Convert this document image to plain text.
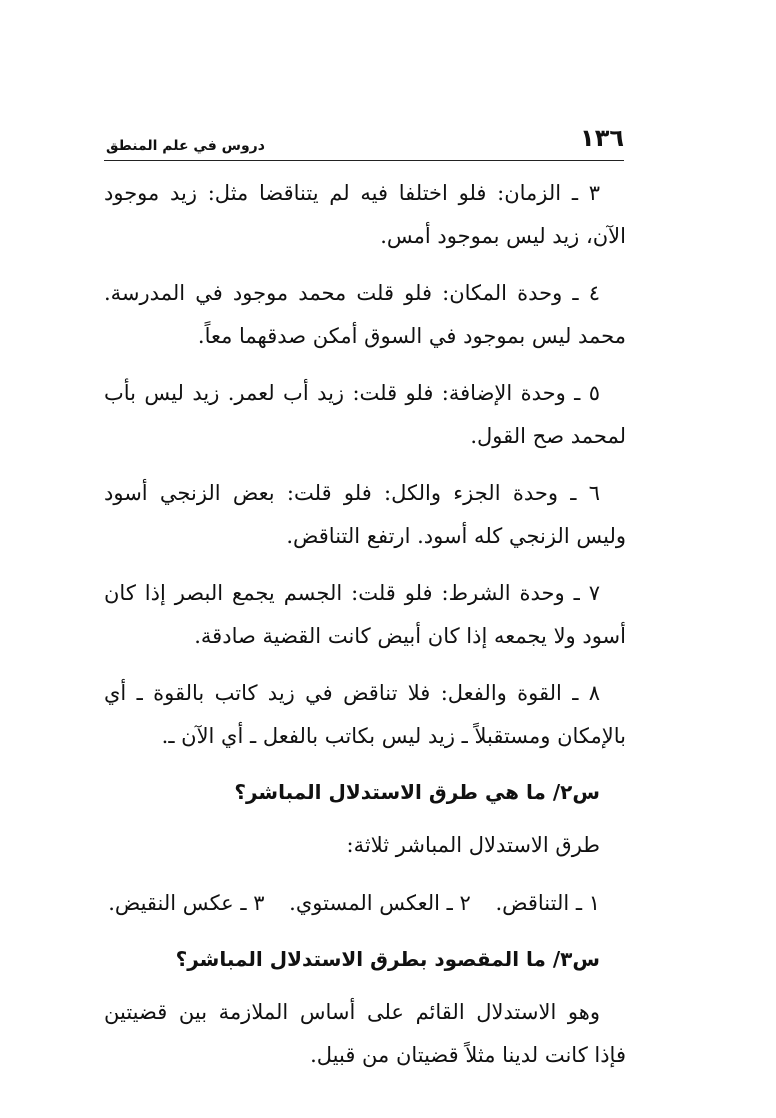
دروس في علم المنطق	١٣٦

٣ ـ الزمان: فلو اختلفا فيه لم يتناقضا مثل: زيد موجود الآن، زيد ليس بموجود أمس.

٤ ـ وحدة المكان: فلو قلت محمد موجود في المدرسة. محمد ليس بموجود في السوق أمكن صدقهما معاً.

٥ ـ وحدة الإضافة: فلو قلت: زيد أب لعمر. زيد ليس بأب لمحمد صح القول.

٦ ـ وحدة الجزء والكل: فلو قلت: بعض الزنجي أسود وليس الزنجي كله أسود. ارتفع التناقض.

٧ ـ وحدة الشرط: فلو قلت: الجسم يجمع البصر إذا كان أسود ولا يجمعه إذا كان أبيض كانت القضية صادقة.

٨ ـ القوة والفعل: فلا تناقض في زيد كاتب بالقوة ـ أي بالإمكان ومستقبلاً ـ زيد ليس بكاتب بالفعل ـ أي الآن ـ.

س٢/ ما هي طرق الاستدلال المباشر؟

طرق الاستدلال المباشر ثلاثة:

١ ـ التناقض. ٢ ـ العكس المستوي. ٣ ـ عكس النقيض.

س٣/ ما المقصود بطرق الاستدلال المباشر؟

وهو الاستدلال القائم على أساس الملازمة بين قضيتين فإذا كانت لدينا مثلاً قضيتان من قبيل.
